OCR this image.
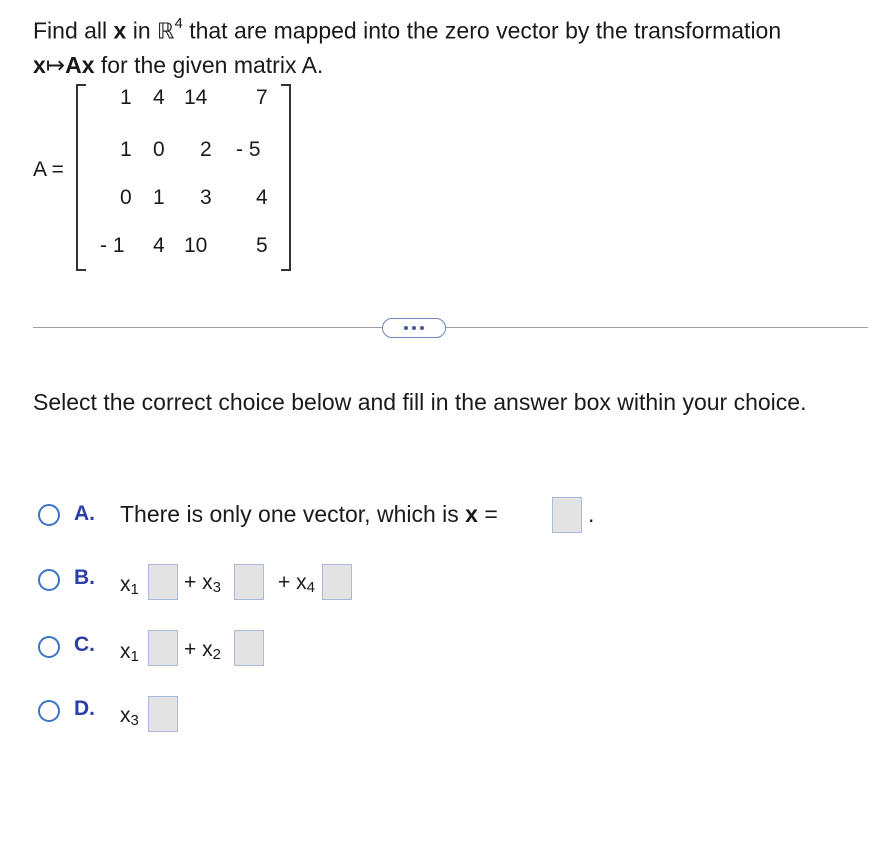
Find all x in ℝ$^4$ that are mapped into the zero vector by the transformation x↦Ax for the given matrix A.
A =
1 4 14 7
1 0 2 - 5
0 1 3 4
- 1 4 10 5
Select the correct choice below and fill in the answer box within your choice.
A. There is only one vector, which is x =	.
B. $x_1 + x_3$	+ $x_4$
C. $x_1 + x_2$
D. $x_3$
